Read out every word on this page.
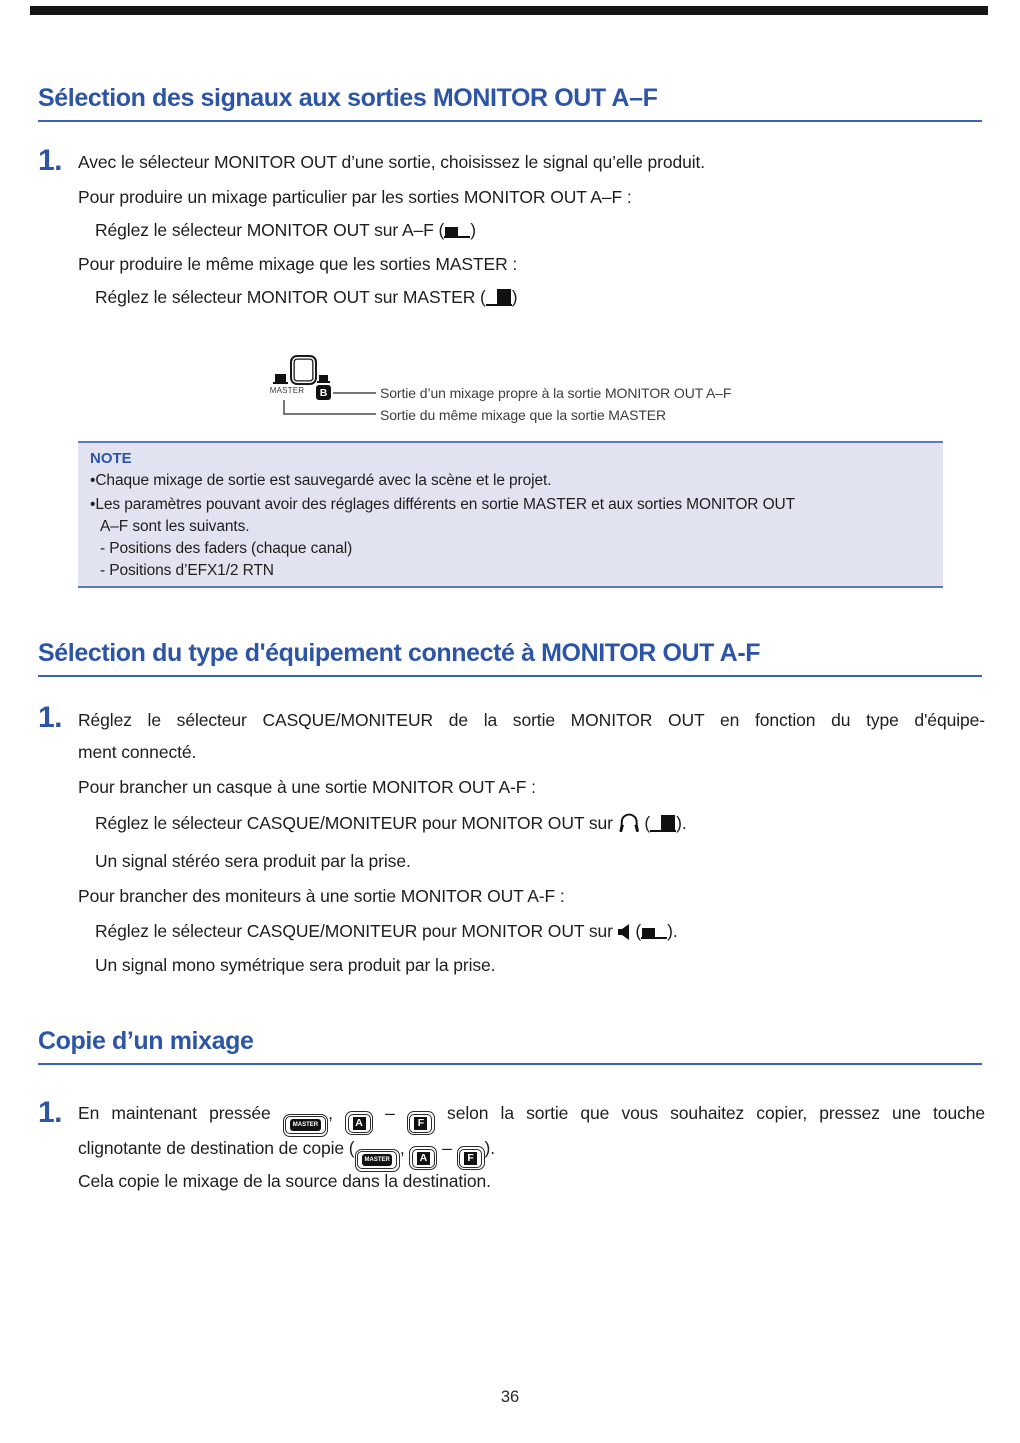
Sélection des signaux aux sorties MONITOR OUT A–F
1. Avec le sélecteur MONITOR OUT d’une sortie, choisissez le signal qu’elle produit.
Pour produire un mixage particulier par les sorties MONITOR OUT A–F :
Réglez le sélecteur MONITOR OUT sur A–F ( )
Pour produire le même mixage que les sorties MASTER :
Réglez le sélecteur MONITOR OUT sur MASTER ( )
MASTER	B	Sortie d’un mixage propre à la sortie MONITOR OUT A–F
Sortie du même mixage que la sortie MASTER
NOTE
•Chaque mixage de sortie est sauvegardé avec la scène et le projet.
•Les paramètres pouvant avoir des réglages différents en sortie MASTER et aux sorties MONITOR OUT
A–F sont les suivants.
- Positions des faders (chaque canal)
- Positions d’EFX1/2 RTN
Sélection du type d'équipement connecté à MONITOR OUT A-F
1. Réglez le sélecteur CASQUE/MONITEUR de la sortie MONITOR OUT en fonction du type d'équipe-
ment connecté.
Pour brancher un casque à une sortie MONITOR OUT A-F :
Réglez le sélecteur CASQUE/MONITEUR pour MONITOR OUT sur  ( ).
Un signal stéréo sera produit par la prise.
Pour brancher des moniteurs à une sortie MONITOR OUT A-F :
Réglez le sélecteur CASQUE/MONITEUR pour MONITOR OUT sur  ( ).
Un signal mono symétrique sera produit par la prise.
Copie d’un mixage
1. En maintenant pressée
MASTER
, A –	F selon la sortie que vous souhaitez copier, pressez une touche
clignotante de destination de copie (
MASTER
, A –	F ).
Cela copie le mixage de la source dans la destination.
36
